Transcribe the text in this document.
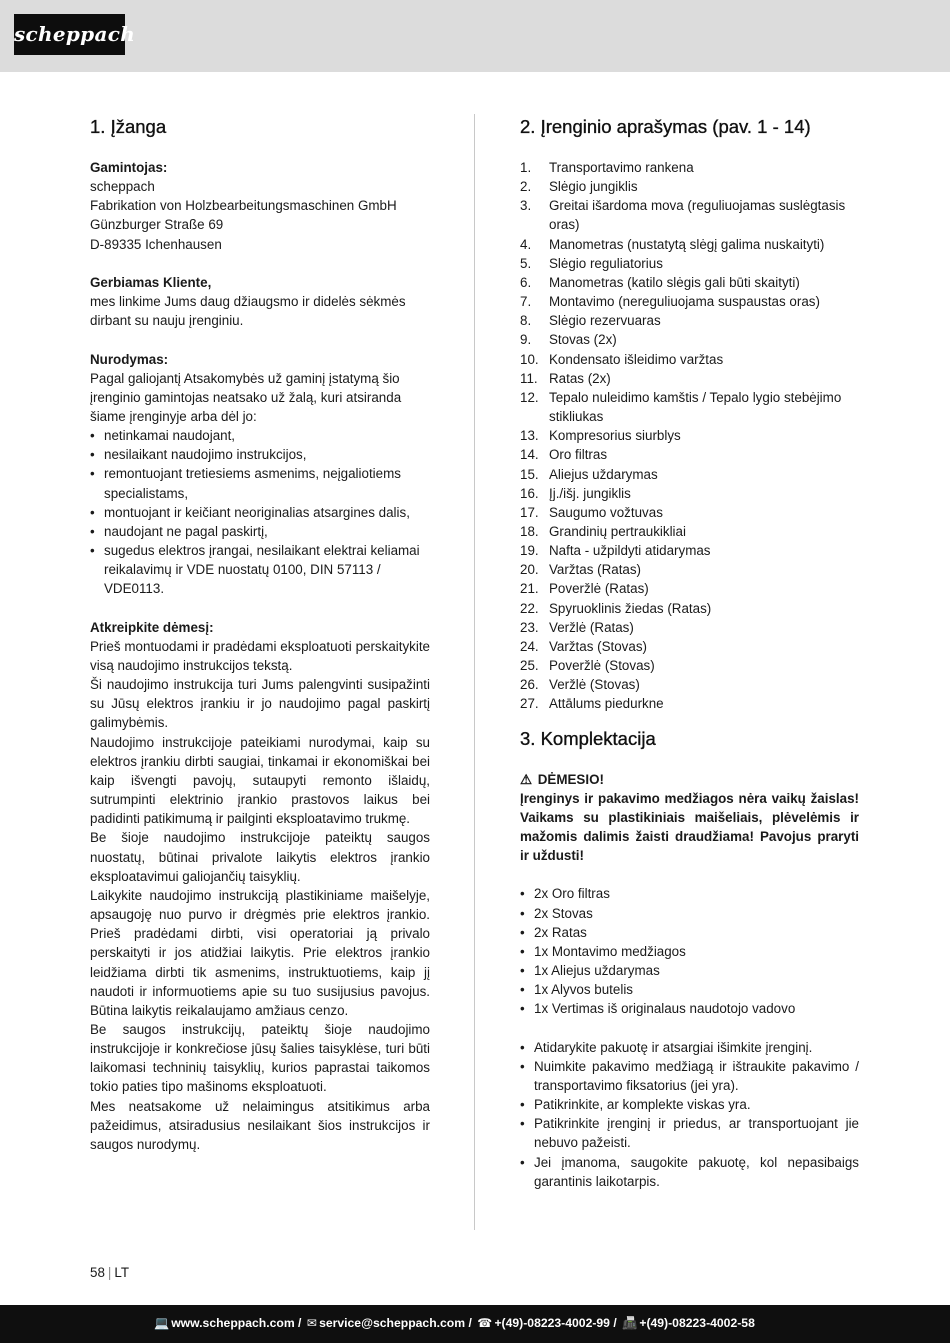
scheppach
1. Įžanga
Gamintojas:
scheppach
Fabrikation von Holzbearbeitungsmaschinen GmbH
Günzburger Straße 69
D-89335 Ichenhausen
Gerbiamas Kliente,
mes linkime Jums daug džiaugsmo ir didelės sėkmės dirbant su nauju įrenginiu.
Nurodymas:
Pagal galiojantį Atsakomybės už gaminį įstatymą šio įrenginio gamintojas neatsako už žalą, kuri atsiranda šiame įrenginyje arba dėl jo:
• netinkamai naudojant,
• nesilaikant naudojimo instrukcijos,
• remontuojant tretiesiems asmenims, neįgaliotiems specialistams,
• montuojant ir keičiant neoriginalias atsargines dalis,
• naudojant ne pagal paskirtį,
• sugedus elektros įrangai, nesilaikant elektrai keliamai reikalavimų ir VDE nuostatų 0100, DIN 57113 / VDE0113.
Atkreipkite dėmesį:
Prieš montuodami ir pradėdami eksploatuoti perskaitykite visą naudojimo instrukcijos tekstą.
Ši naudojimo instrukcija turi Jums palengvinti susipažinti su Jūsų elektros įrankiu ir jo naudojimo pagal paskirtį galimybėmis.
Naudojimo instrukcijoje pateikiami nurodymai, kaip su elektros įrankiu dirbti saugiai, tinkamai ir ekonomiškai bei kaip išvengti pavojų, sutaupyti remonto išlaidų, sutrumpinti elektrinio įrankio prastovos laikus bei padidinti patikimumą ir pailginti eksploatavimo trukmę.
Be šioje naudojimo instrukcijoje pateiktų saugos nuostatų, būtinai privalote laikytis elektros įrankio eksploatavimui galiojančių taisyklių.
Laikykite naudojimo instrukciją plastikiniame maišelyje, apsaugoję nuo purvo ir drėgmės prie elektros įrankio. Prieš pradėdami dirbti, visi operatoriai ją privalo perskaityti ir jos atidžiai laikytis. Prie elektros įrankio leidžiama dirbti tik asmenims, instruktuotiems, kaip jį naudoti ir informuotiems apie su tuo susijusius pavojus. Būtina laikytis reikalaujamo amžiaus cenzo.
Be saugos instrukcijų, pateiktų šioje naudojimo instrukcijoje ir konkrečiose jūsų šalies taisyklėse, turi būti laikomasi techninių taisyklių, kurios paprastai taikomos tokio paties tipo mašinoms eksploatuoti.
Mes neatsakome už nelaimingus atsitikimus arba pažeidimus, atsiradusius nesilaikant šios instrukcijos ir saugos nurodymų.
2. Įrenginio aprašymas (pav. 1 - 14)
1. Transportavimo rankena
2. Slėgio jungiklis
3. Greitai išardoma mova (reguliuojamas suslėgtasis oras)
4. Manometras (nustatytą slėgį galima nuskaityti)
5. Slėgio reguliatorius
6. Manometras (katilo slėgis gali būti skaityti)
7. Montavimo (nereguliuojama suspaustas oras)
8. Slėgio rezervuaras
9. Stovas (2x)
10. Kondensato išleidimo varžtas
11. Ratas (2x)
12. Tepalo nuleidimo kamštis / Tepalo lygio stebėjimo stikliukas
13. Kompresorius siurblys
14. Oro filtras
15. Aliejus uždarymas
16. Įj./išj. jungiklis
17. Saugumo vožtuvas
18. Grandinių pertraukikliai
19. Nafta - užpildyti atidarymas
20. Varžtas (Ratas)
21. Poveržlė (Ratas)
22. Spyruoklinis žiedas (Ratas)
23. Veržlė (Ratas)
24. Varžtas (Stovas)
25. Poveržlė (Stovas)
26. Veržlė (Stovas)
27. Attālums piedurkne
3. Komplektacija
⚠ DĖMESIO!
Įrenginys ir pakavimo medžiagos nėra vaikų žaislas! Vaikams su plastikiniais maišeliais, plėvelėmis ir mažomis dalimis žaisti draudžiama! Pavojus praryti ir uždusti!
• 2x Oro filtras
• 2x Stovas
• 2x Ratas
• 1x Montavimo medžiagos
• 1x Aliejus uždarymas
• 1x Alyvos butelis
• 1x Vertimas iš originalaus naudotojo vadovo
• Atidarykite pakuotę ir atsargiai išimkite įrenginį.
• Nuimkite pakavimo medžiagą ir ištraukite pakavimo / transportavimo fiksatorius (jei yra).
• Patikrinkite, ar komplekte viskas yra.
• Patikrinkite įrenginį ir priedus, ar transportuojant jie nebuvo pažeisti.
• Jei įmanoma, saugokite pakuotę, kol nepasibaigs garantinis laikotarpis.
58 | LT
💻 www.scheppach.com / ✉ service@scheppach.com / ☎ +(49)-08223-4002-99 / 📠 +(49)-08223-4002-58
